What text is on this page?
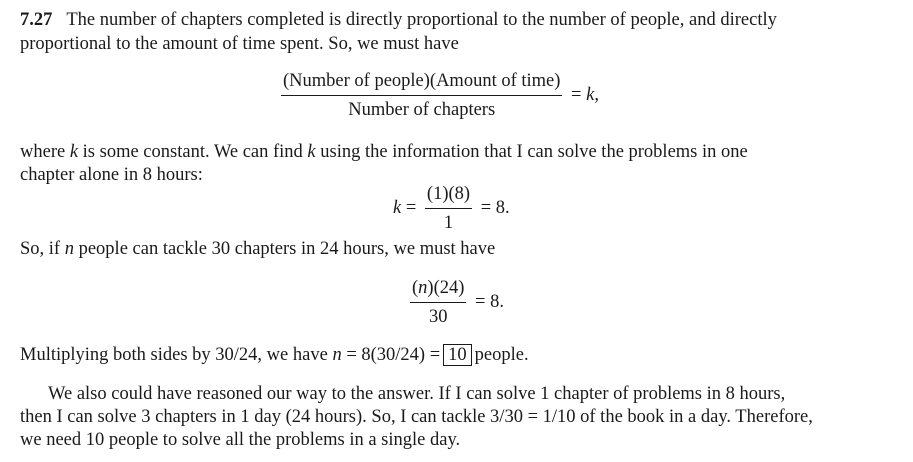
7.27 The number of chapters completed is directly proportional to the number of people, and directly
proportional to the amount of time spent. So, we must have
$\frac{\text{(Number of people)(Amount of time)}}{\text{Number of chapters}} = k$,
where k is some constant. We can find k using the information that I can solve the problems in one
chapter alone in 8 hours:
$k = \frac{(1)(8)}{1} = 8$.
So, if n people can tackle 30 chapters in 24 hours, we must have
$\frac{(n)(24)}{30} = 8$.
Multiplying both sides by 30/24, we have n = 8(30/24) = 10 people.
We also could have reasoned our way to the answer. If I can solve 1 chapter of problems in 8 hours,
then I can solve 3 chapters in 1 day (24 hours). So, I can tackle 3/30 = 1/10 of the book in a day. Therefore,
we need 10 people to solve all the problems in a single day.
